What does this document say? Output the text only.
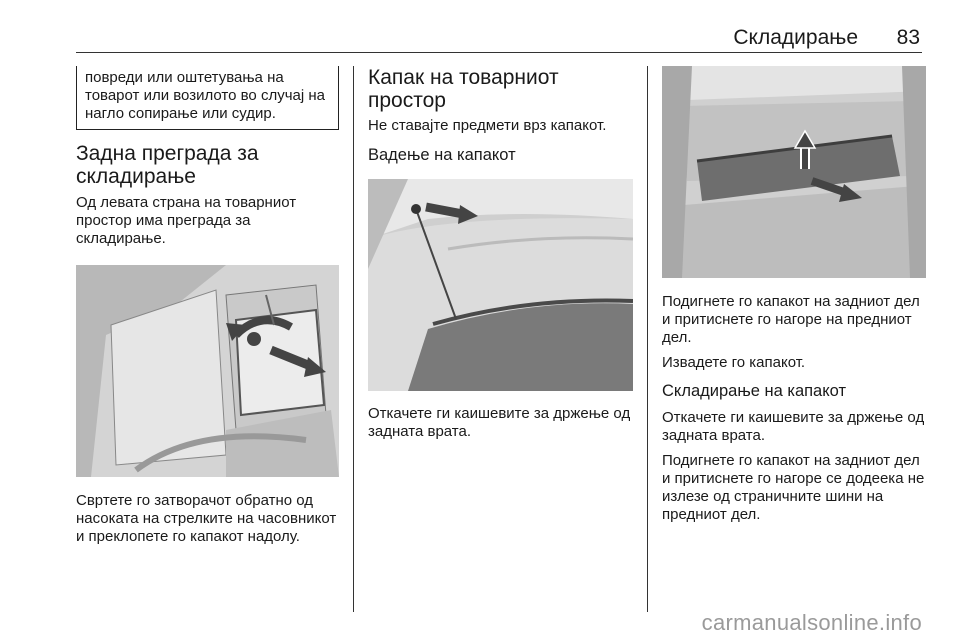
Складирање 83
повреди или оштетувања на товарот или возилото во случај на нагло сопирање или судир.
Задна преграда за складирање

Од левата страна на товарниот простор има преграда за складирање.

Свртете го затворачот обратно од насоката на стрелките на часовникот и преклопете го капакот надолу.

Капак на товарниот простор

Не ставајте предмети врз капакот.

Вадење на капакот

Откачете ги каишевите за држење од задната врата.

Подигнете го капакот на задниот дел и притиснете го нагоре на предниот дел.

Извадете го капакот.

Складирање на капакот

Откачете ги каишевите за држење од задната врата.

Подигнете го капакот на задниот дел и притиснете го нагоре се додеека не излезе од страничните шини на предниот дел.

carmanualsonline.info
